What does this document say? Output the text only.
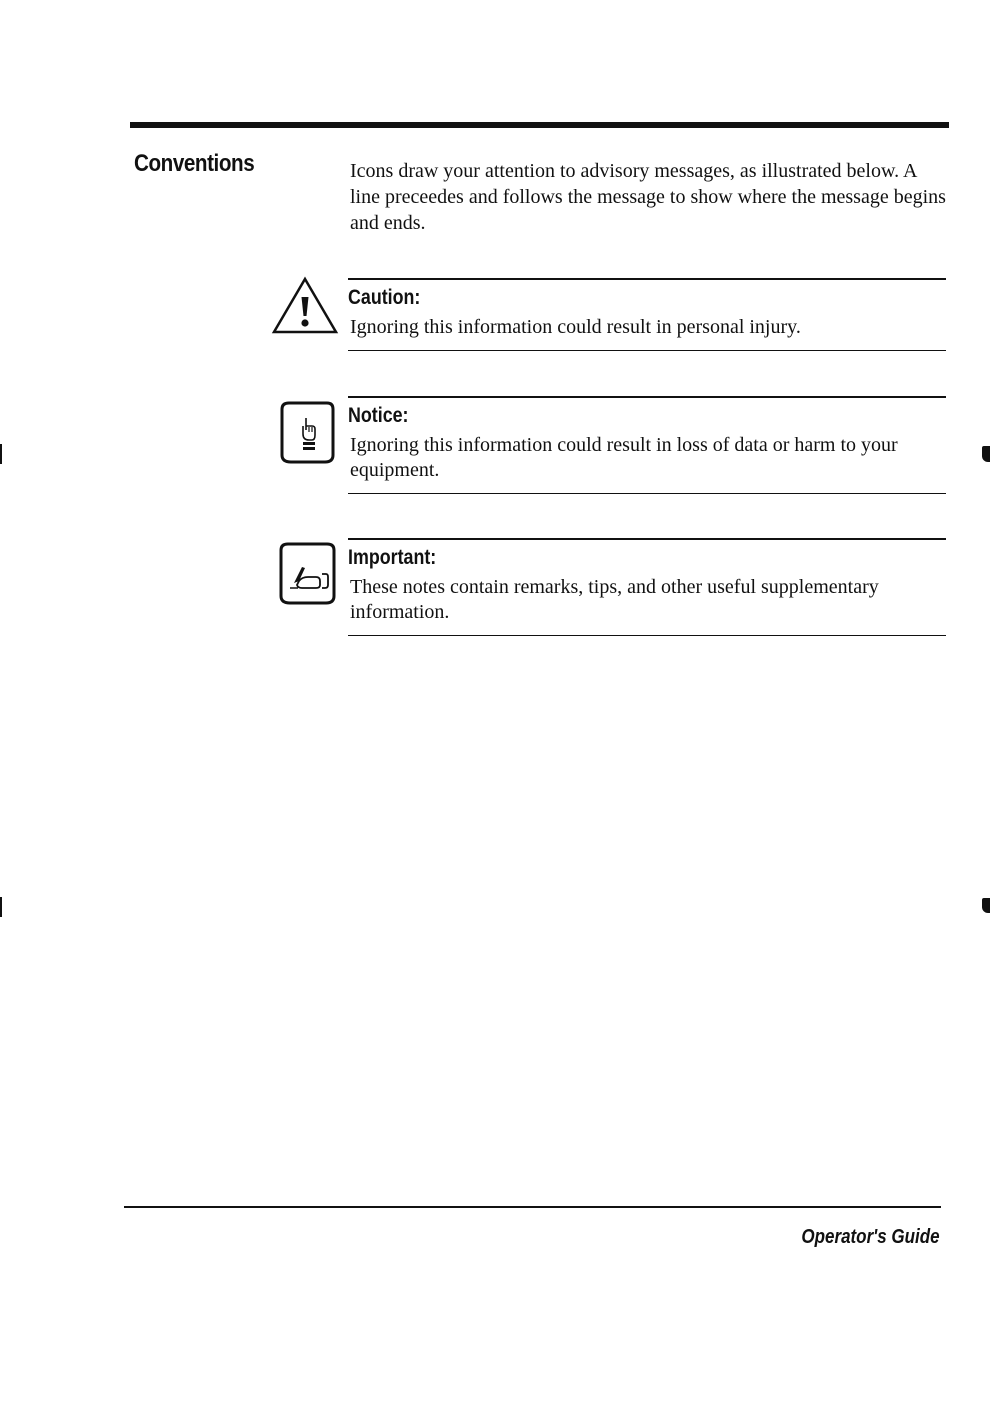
Conventions	Icons draw your attention to advisory messages, as illustrated below. A line preceedes and follows the message to show where the message begins and ends.

Caution:
Ignoring this information could result in personal injury.
Notice:
Ignoring this information could result in loss of data or harm to your equipment.
Important:
These notes contain remarks, tips, and other useful supplementary information.
Operator's Guide
